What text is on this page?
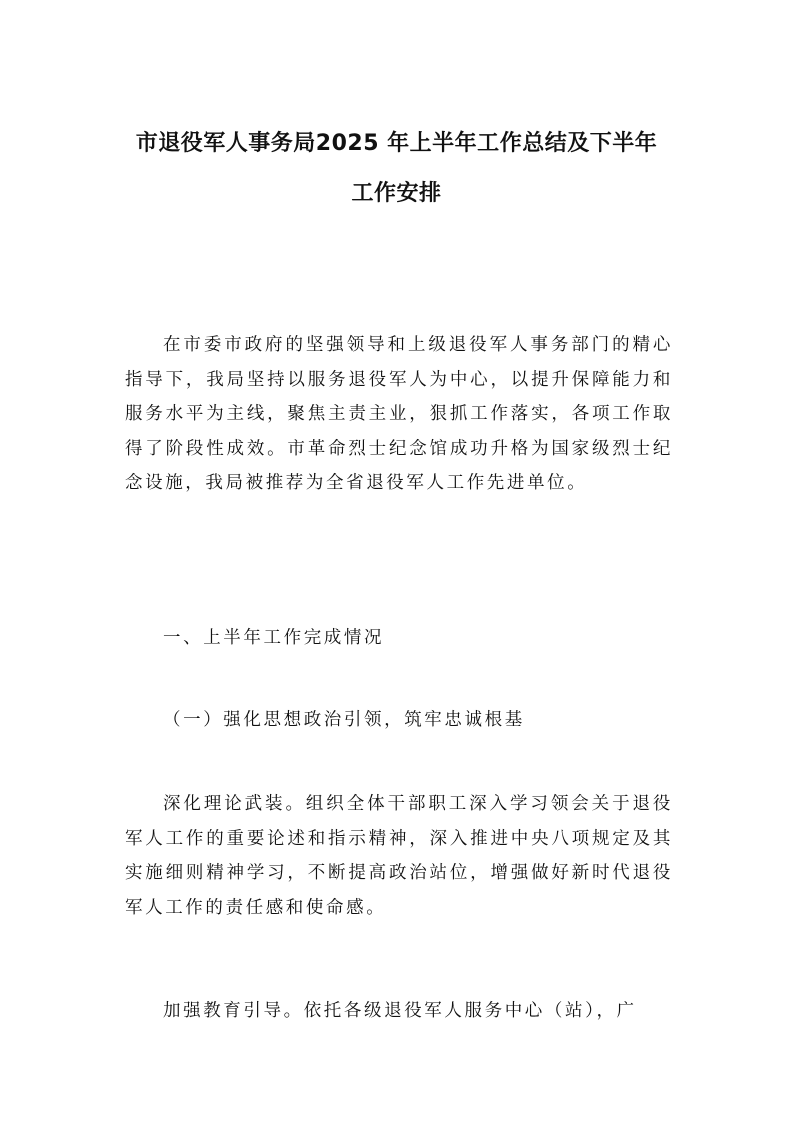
市退役军人事务局2025 年上半年工作总结及下半年
工作安排

在市委市政府的坚强领导和上级退役军人事务部门的精心指导下，我局坚持以服务退役军人为中心，以提升保障能力和服务水平为主线，聚焦主责主业，狠抓工作落实，各项工作取得了阶段性成效。市革命烈士纪念馆成功升格为国家级烈士纪念设施，我局被推荐为全省退役军人工作先进单位。

一、上半年工作完成情况

（一）强化思想政治引领，筑牢忠诚根基

深化理论武装。组织全体干部职工深入学习领会关于退役军人工作的重要论述和指示精神，深入推进中央八项规定及其实施细则精神学习，不断提高政治站位，增强做好新时代退役军人工作的责任感和使命感。

加强教育引导。依托各级退役军人服务中心（站），广
